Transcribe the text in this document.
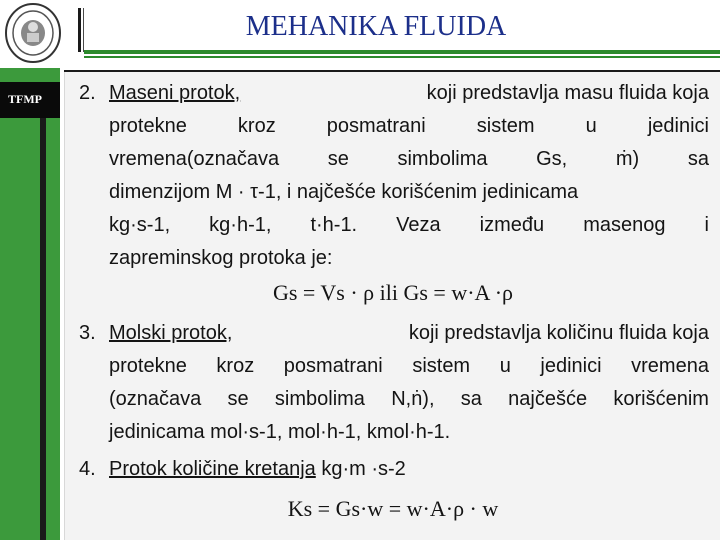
TFMP
MEHANIKA FLUIDA
2. Maseni protok,	koji predstavlja masu fluida koja
protekne	kroz	posmatrani	sistem	u	jedinici
vremena(označava se simbolima Gs, ṁ) sa
dimenzijom M · τ-1, i najčešće korišćenim jedinicama
kg·s-1, kg·h-1, t·h-1. Veza između masenog i
zapreminskog protoka je:
Gs = Vs · ρ ili Gs = w·A ·ρ
3. Molski protok,	koji predstavlja količinu fluida koja
protekne kroz posmatrani sistem u jedinici vremena
(označava se simbolima N,ṅ), sa najčešće korišćenim
jedinicama mol·s-1, mol·h-1, kmol·h-1.
4. Protok količine kretanja kg·m ·s-2
Ks = Gs·w = w·A·ρ · w
